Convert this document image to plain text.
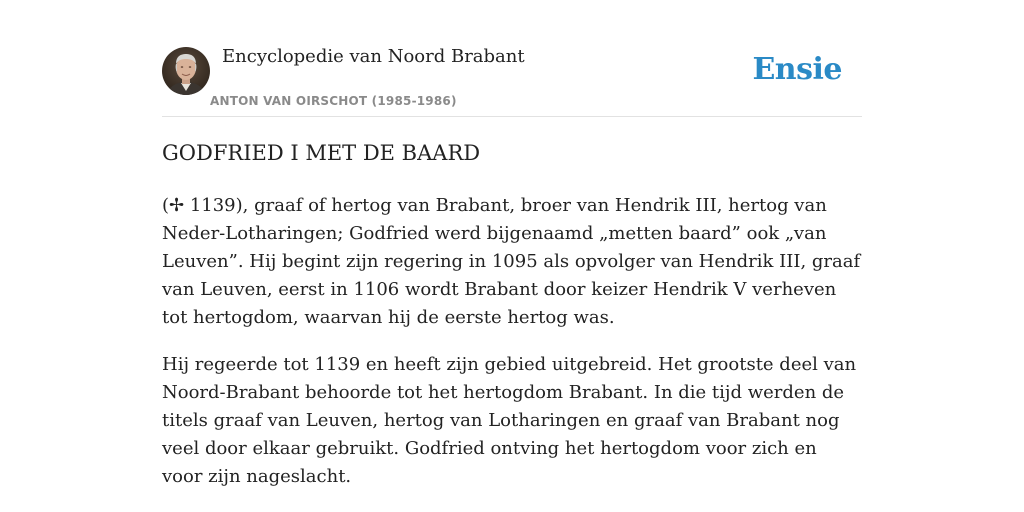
Encyclopedie van Noord Brabant
ANTON VAN OIRSCHOT (1985-1986)
Ensie
GODFRIED I MET DE BAARD

(✢ 1139), graaf of hertog van Brabant, broer van Hendrik III, hertog van Neder-Lotharingen; Godfried werd bijgenaamd „metten baard” ook „van Leuven”. Hij begint zijn regering in 1095 als opvolger van Hendrik III, graaf van Leuven, eerst in 1106 wordt Brabant door keizer Hendrik V verheven tot hertogdom, waarvan hij de eerste hertog was.

Hij regeerde tot 1139 en heeft zijn gebied uitgebreid. Het grootste deel van Noord-Brabant behoorde tot het hertogdom Brabant. In die tijd werden de titels graaf van Leuven, hertog van Lotharingen en graaf van Brabant nog veel door elkaar gebruikt. Godfried ontving het hertogdom voor zich en voor zijn nageslacht.
